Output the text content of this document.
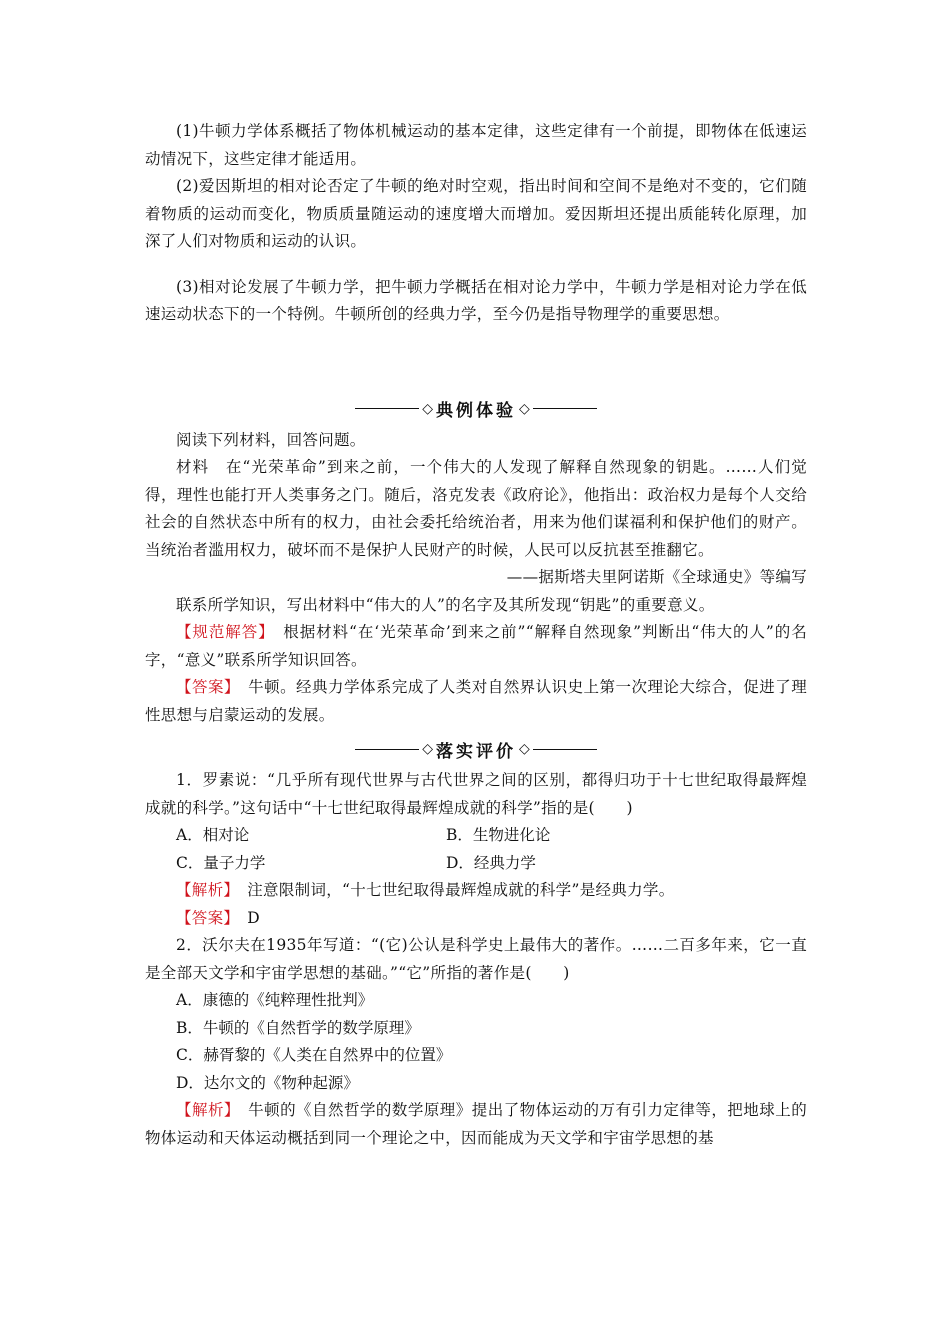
(1)牛顿力学体系概括了物体机械运动的基本定律，这些定律有一个前提，即物体在低速运动情况下，这些定律才能适用。

(2)爱因斯坦的相对论否定了牛顿的绝对时空观，指出时间和空间不是绝对不变的，它们随着物质的运动而变化，物质质量随运动的速度增大而增加。爱因斯坦还提出质能转化原理，加深了人们对物质和运动的认识。

(3)相对论发展了牛顿力学，把牛顿力学概括在相对论力学中，牛顿力学是相对论力学在低速运动状态下的一个特例。牛顿所创的经典力学，至今仍是指导物理学的重要思想。

◇ 典例体验 ◇

阅读下列材料，回答问题。

材料　在“光荣革命”到来之前，一个伟大的人发现了解释自然现象的钥匙。……人们觉得，理性也能打开人类事务之门。随后，洛克发表《政府论》，他指出：政治权力是每个人交给社会的自然状态中所有的权力，由社会委托给统治者，用来为他们谋福利和保护他们的财产。当统治者滥用权力，破坏而不是保护人民财产的时候，人民可以反抗甚至推翻它。

——据斯塔夫里阿诺斯《全球通史》等编写

联系所学知识，写出材料中“伟大的人”的名字及其所发现“钥匙”的重要意义。

【规范解答】　根据材料“在‘光荣革命’到来之前”“解释自然现象”判断出“伟大的人”的名字，“意义”联系所学知识回答。

【答案】　牛顿。经典力学体系完成了人类对自然界认识史上第一次理论大综合，促进了理性思想与启蒙运动的发展。

◇ 落实评价 ◇

1．罗素说：“几乎所有现代世界与古代世界之间的区别，都得归功于十七世纪取得最辉煌成就的科学。”这句话中“十七世纪取得最辉煌成就的科学”指的是(　　)

A．相对论	B．生物进化论
C．量子力学	D．经典力学

【解析】　注意限制词，“十七世纪取得最辉煌成就的科学”是经典力学。

【答案】　D

2．沃尔夫在1935年写道：“(它)公认是科学史上最伟大的著作。……二百多年来，它一直是全部天文学和宇宙学思想的基础。”“它”所指的著作是(　　)

A．康德的《纯粹理性批判》

B．牛顿的《自然哲学的数学原理》

C．赫胥黎的《人类在自然界中的位置》

D．达尔文的《物种起源》

【解析】　牛顿的《自然哲学的数学原理》提出了物体运动的万有引力定律等，把地球上的物体运动和天体运动概括到同一个理论之中，因而能成为天文学和宇宙学思想的基
